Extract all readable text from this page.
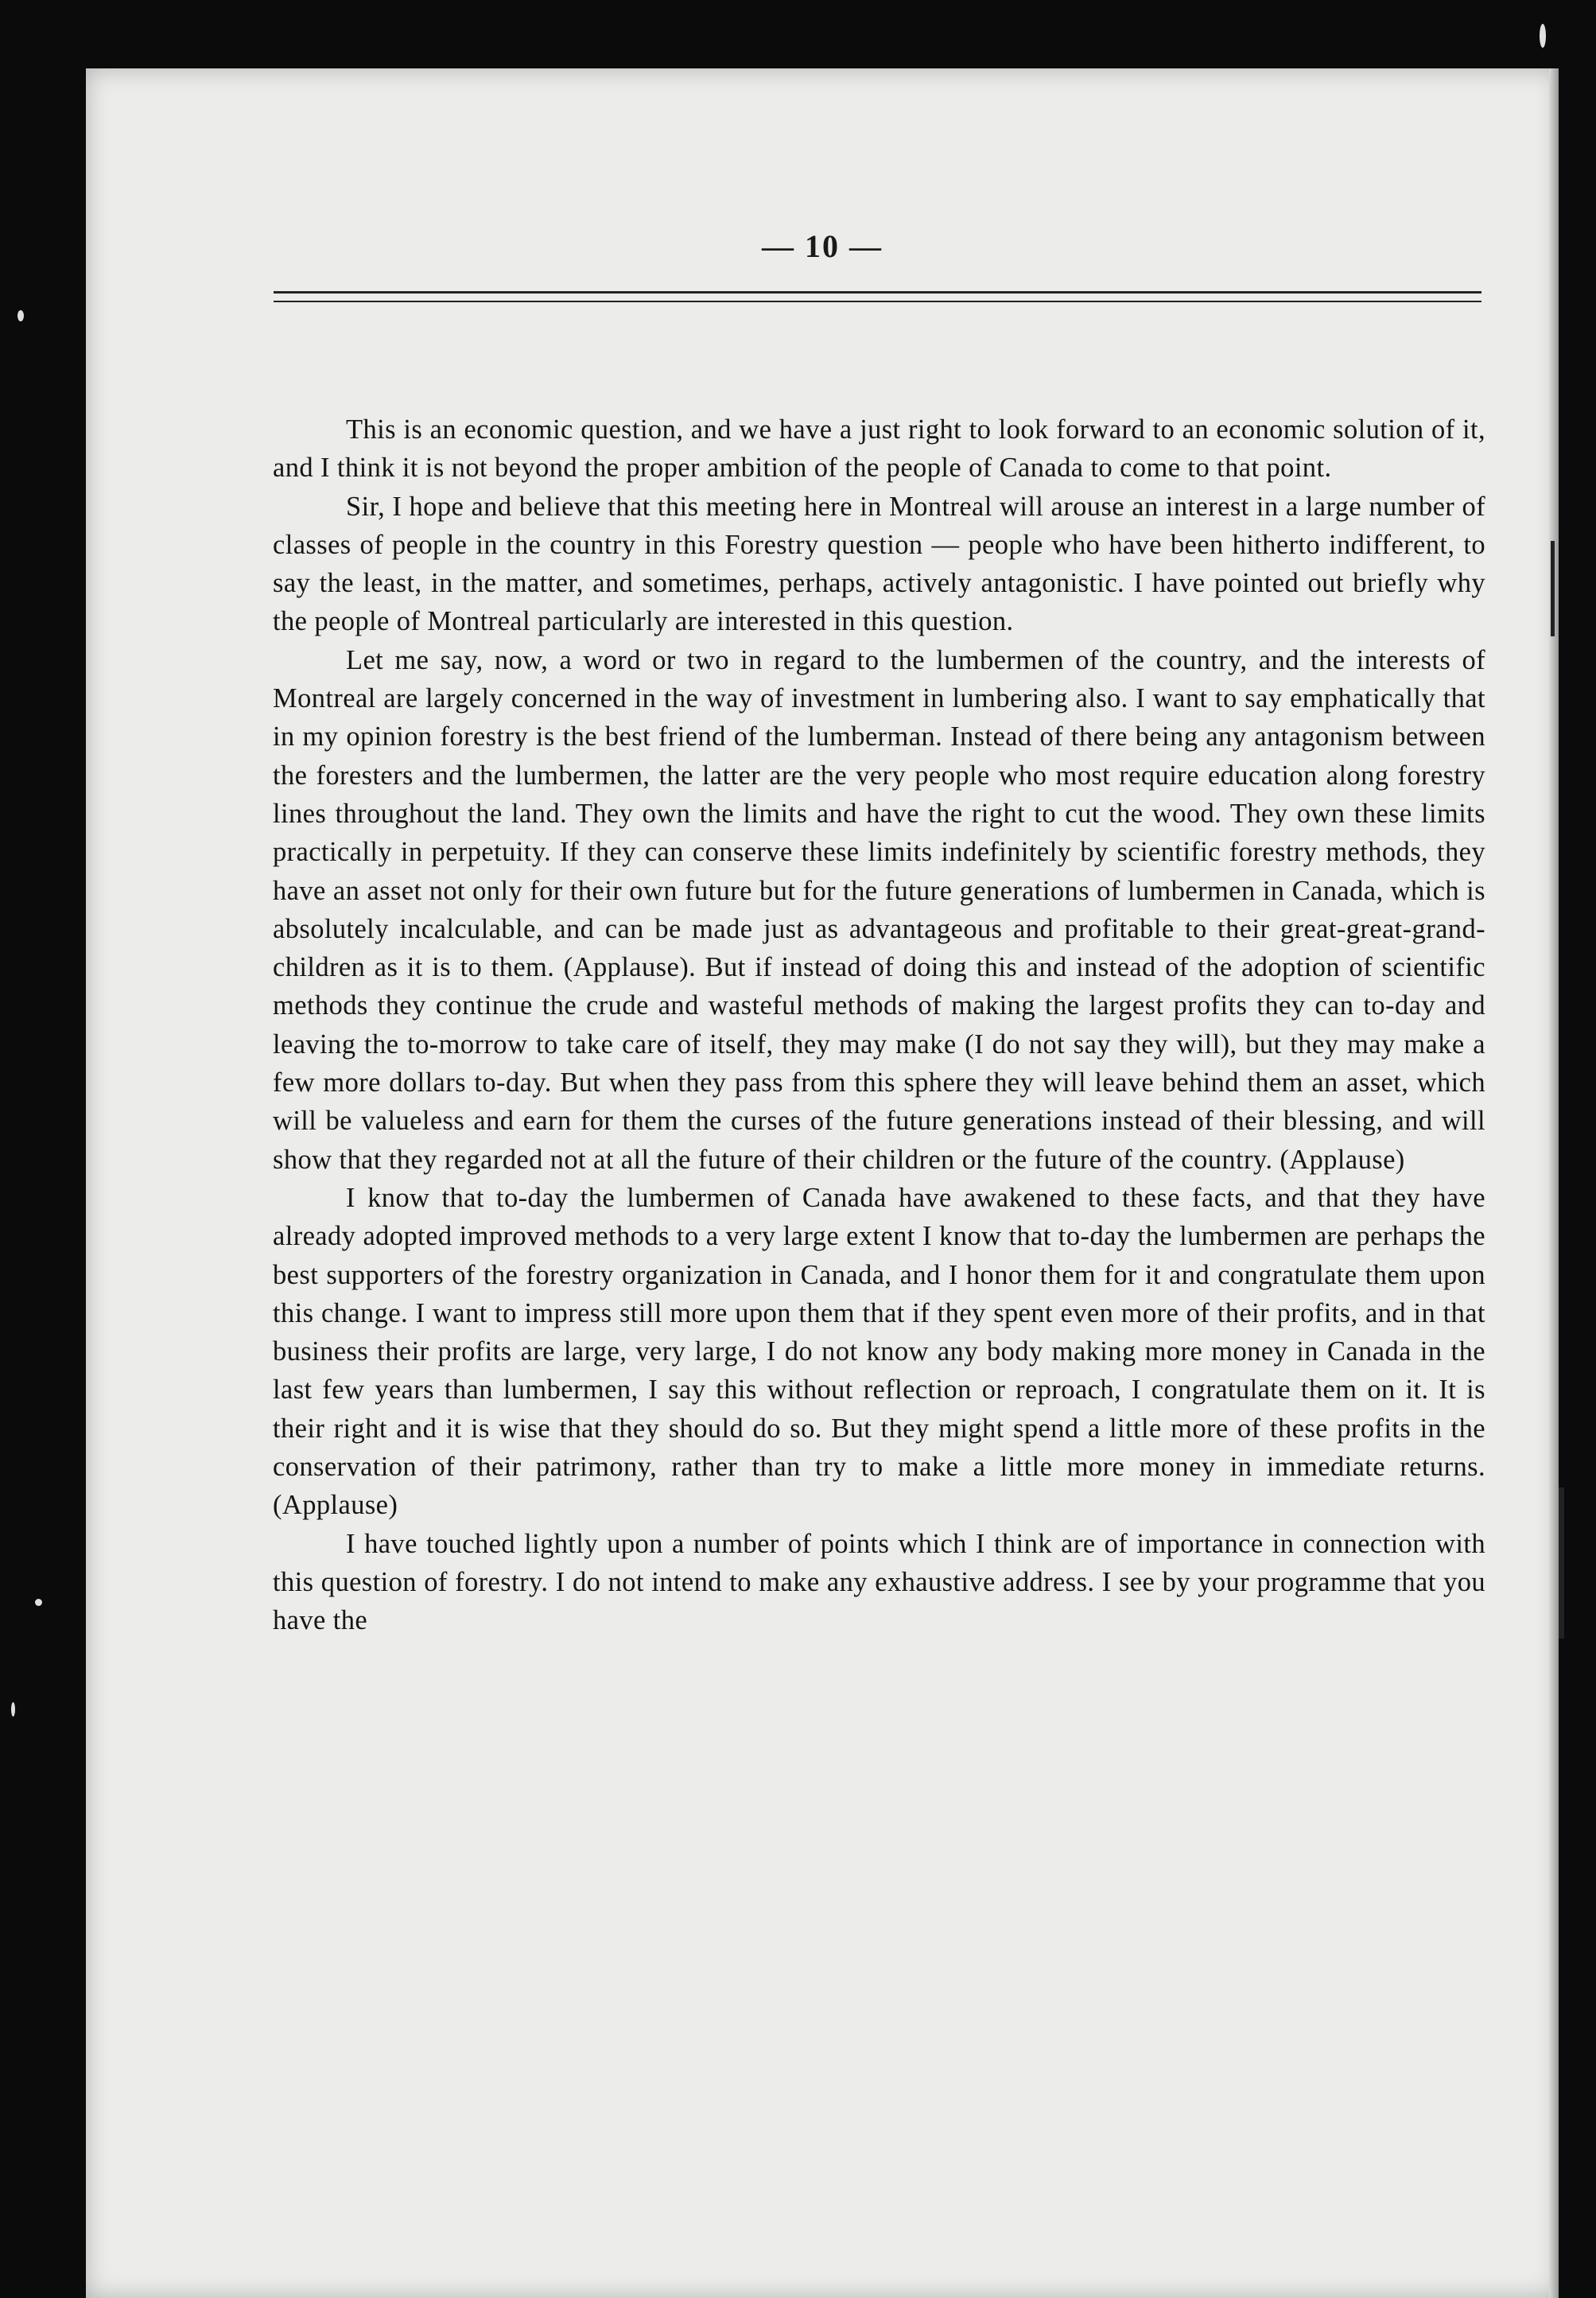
— 10 —

This is an economic question, and we have a just right to look forward to an economic solution of it, and I think it is not beyond the proper ambition of the people of Canada to come to that point.

Sir, I hope and believe that this meeting here in Montreal will arouse an interest in a large number of classes of people in the country in this Forestry question — people who have been hitherto indifferent, to say the least, in the matter, and sometimes, perhaps, actively antagonistic. I have pointed out briefly why the people of Montreal particularly are interested in this question.

Let me say, now, a word or two in regard to the lumbermen of the country, and the interests of Montreal are largely concerned in the way of investment in lumbering also. I want to say emphatically that in my opinion forestry is the best friend of the lumberman. Instead of there being any antagonism between the foresters and the lumbermen, the latter are the very people who most require education along forestry lines throughout the land. They own the limits and have the right to cut the wood. They own these limits practically in perpetuity. If they can conserve these limits indefinitely by scientific forestry methods, they have an asset not only for their own future but for the future generations of lumbermen in Canada, which is absolutely incalculable, and can be made just as advantageous and profitable to their great-great-grand-children as it is to them. (Applause). But if instead of doing this and instead of the adoption of scientific methods they continue the crude and wasteful methods of making the largest profits they can to-day and leaving the to-morrow to take care of itself, they may make (I do not say they will), but they may make a few more dollars to-day. But when they pass from this sphere they will leave behind them an asset, which will be valueless and earn for them the curses of the future generations instead of their blessing, and will show that they regarded not at all the future of their children or the future of the country. (Applause)

I know that to-day the lumbermen of Canada have awakened to these facts, and that they have already adopted improved methods to a very large extent I know that to-day the lumbermen are perhaps the best supporters of the forestry organization in Canada, and I honor them for it and congratulate them upon this change. I want to impress still more upon them that if they spent even more of their profits, and in that business their profits are large, very large, I do not know any body making more money in Canada in the last few years than lumbermen, I say this without reflection or reproach, I congratulate them on it. It is their right and it is wise that they should do so. But they might spend a little more of these profits in the conservation of their patrimony, rather than try to make a little more money in immediate returns. (Applause)

I have touched lightly upon a number of points which I think are of importance in connection with this question of forestry. I do not intend to make any exhaustive address. I see by your programme that you have the
